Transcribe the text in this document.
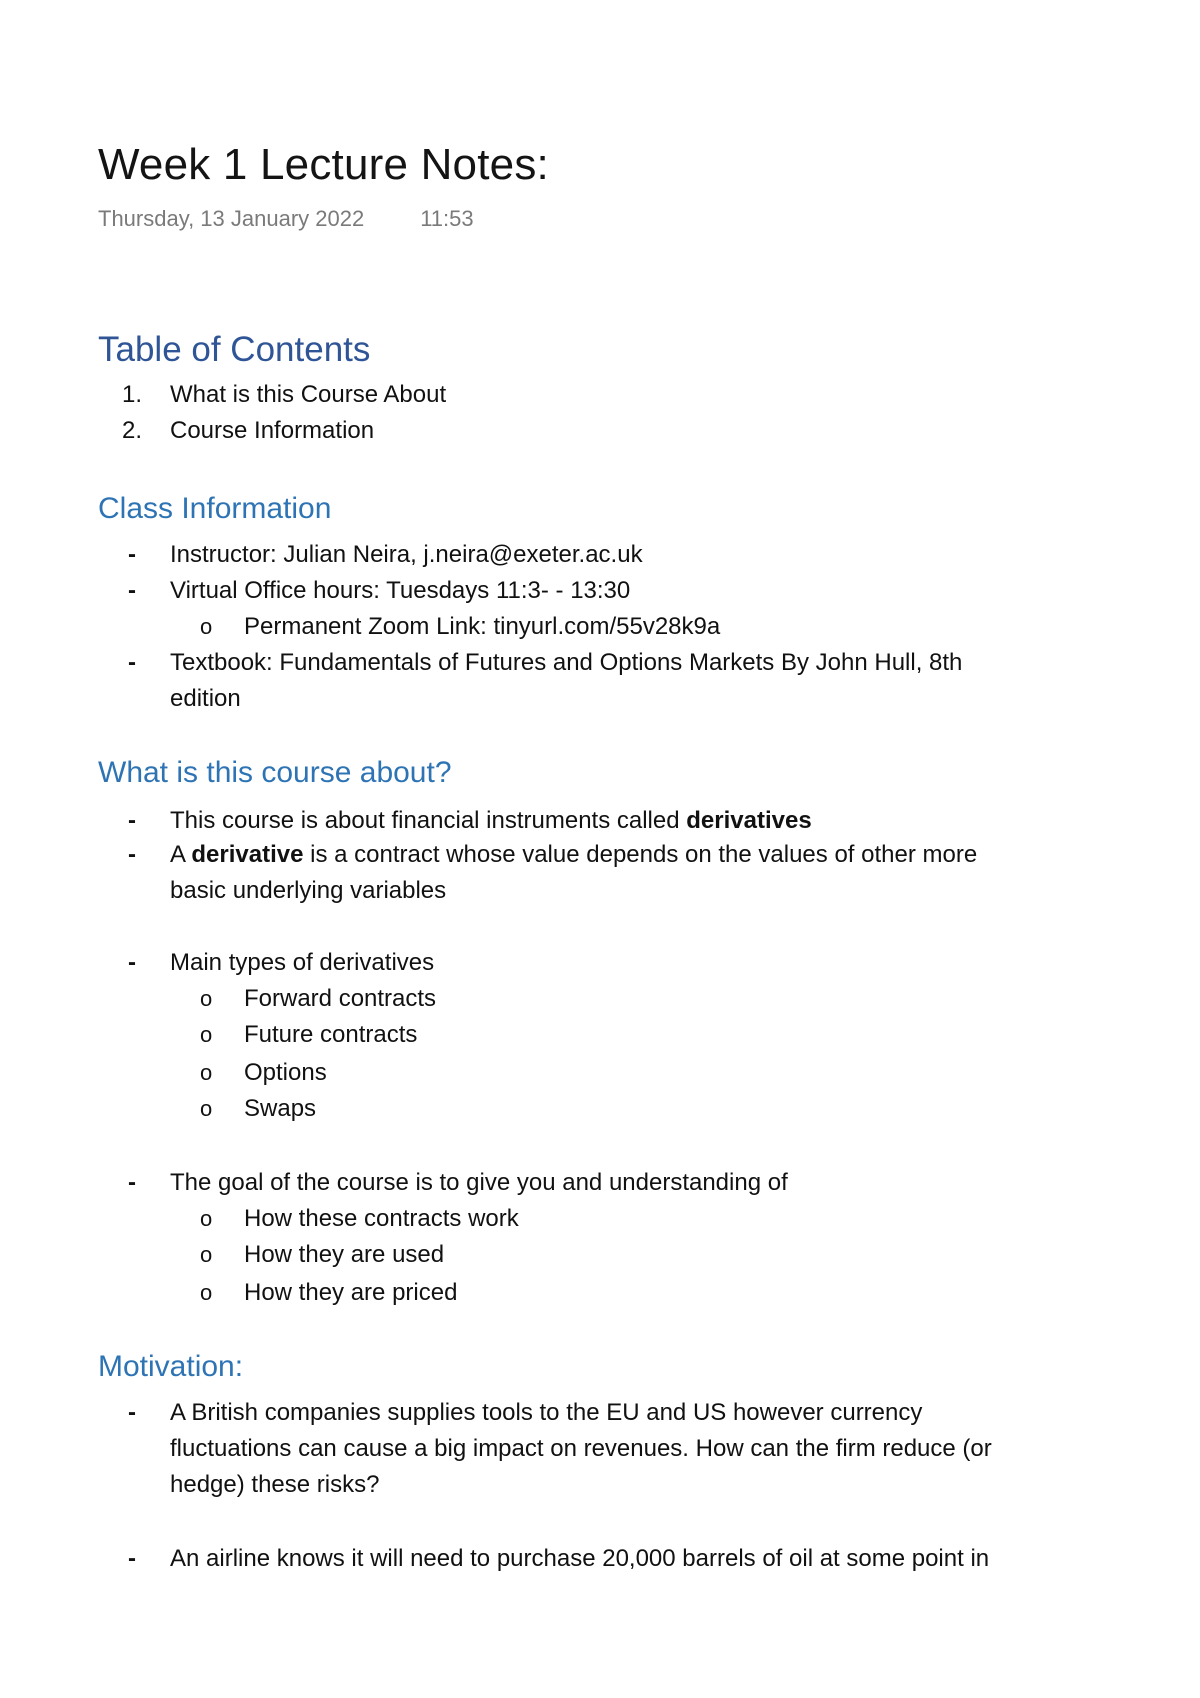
Week 1 Lecture Notes:
Thursday, 13 January 2022	11:53
Table of Contents
1.	What is this Course About
2.	Course Information
Class Information
-	Instructor: Julian Neira, j.neira@exeter.ac.uk
-	Virtual Office hours: Tuesdays 11:3- - 13:30
o	Permanent Zoom Link: tinyurl.com/55v28k9a
-	Textbook: Fundamentals of Futures and Options Markets By John Hull, 8th
edition
What is this course about?
-	This course is about financial instruments called derivatives
-	A derivative is a contract whose value depends on the values of other more
basic underlying variables
-	Main types of derivatives
o	Forward contracts
o	Future contracts
o	Options
o	Swaps
-	The goal of the course is to give you and understanding of
o	How these contracts work
o	How they are used
o	How they are priced
Motivation:
-	A British companies supplies tools to the EU and US however currency
fluctuations can cause a big impact on revenues. How can the firm reduce (or
hedge) these risks?
-	An airline knows it will need to purchase 20,000 barrels of oil at some point in
